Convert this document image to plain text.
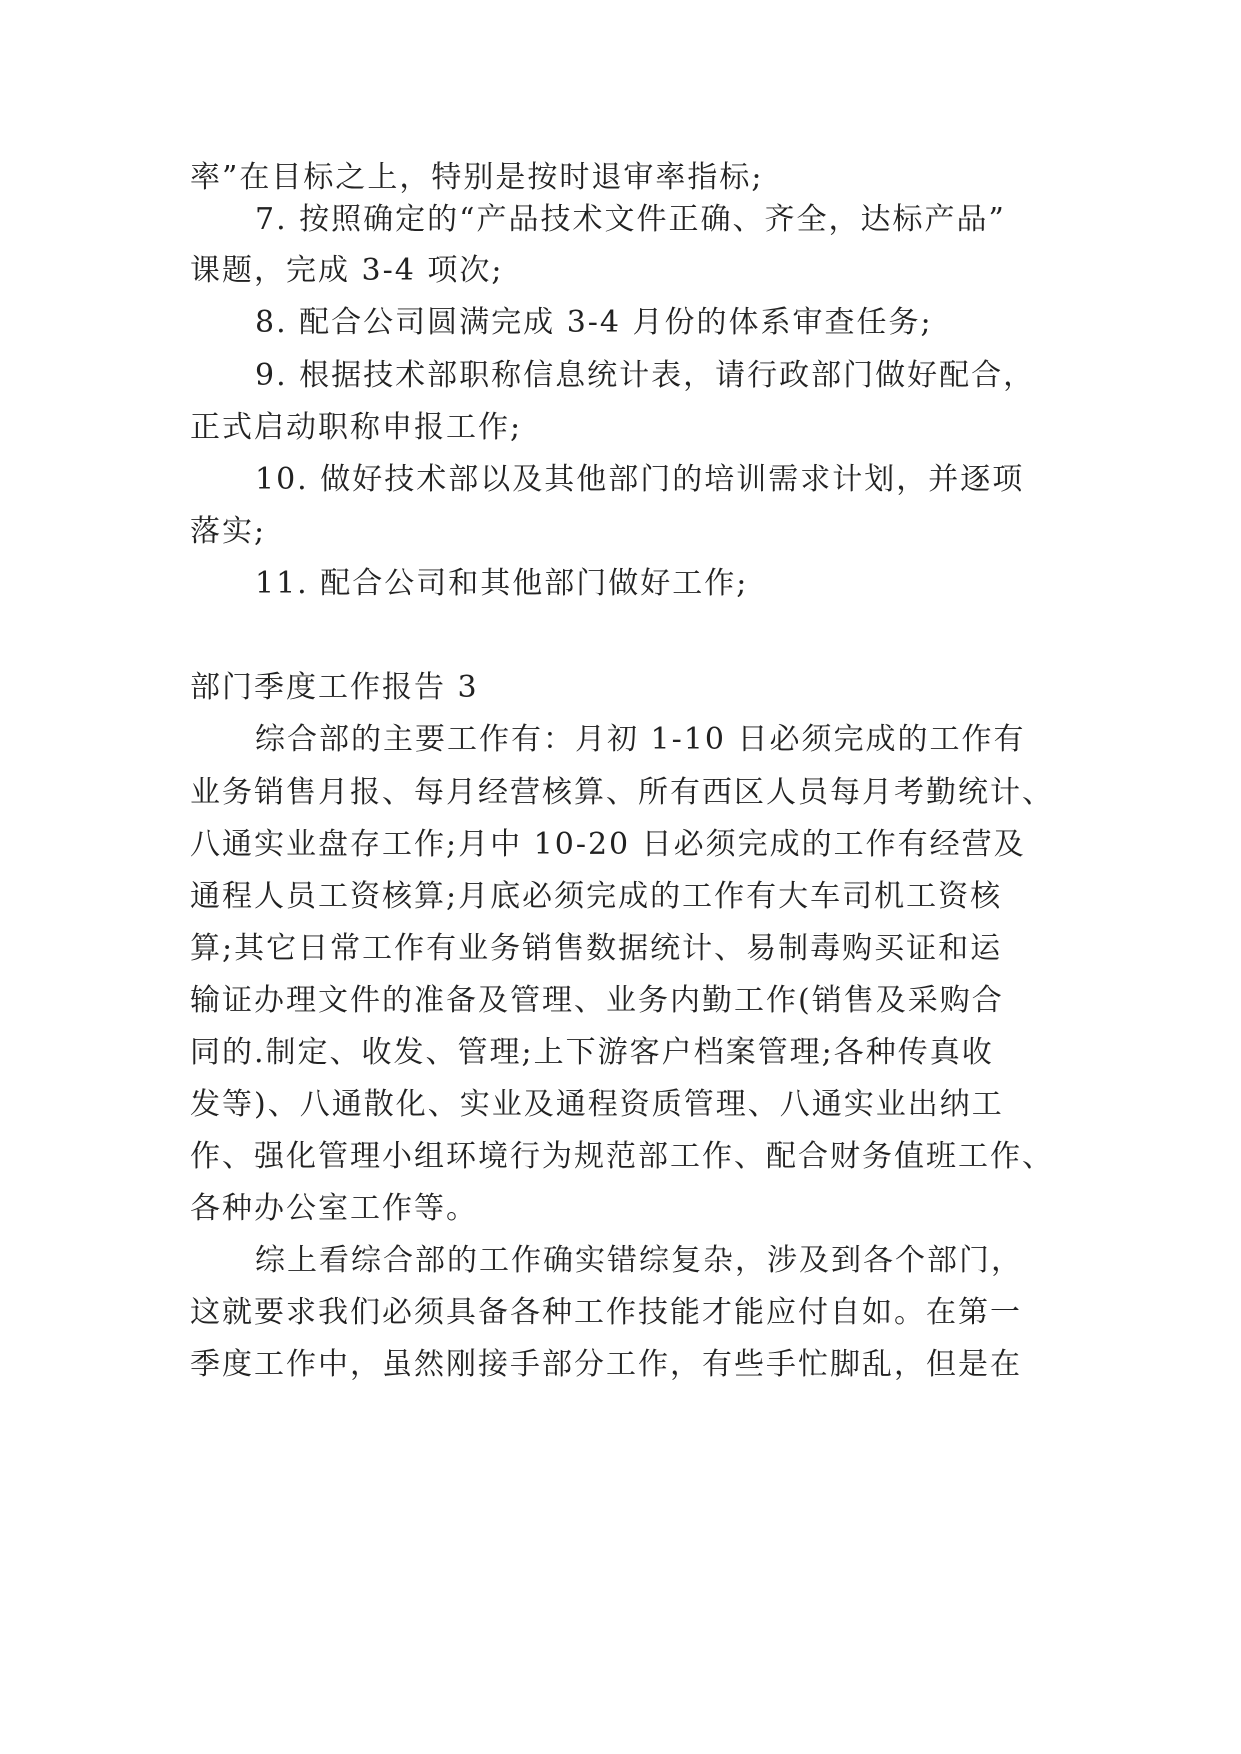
率”在目标之上，特别是按时退审率指标;
7. 按照确定的“产品技术文件正确、齐全，达标产品”
课题，完成 3-4 项次;
8. 配合公司圆满完成 3-4 月份的体系审查任务;
9. 根据技术部职称信息统计表，请行政部门做好配合，
正式启动职称申报工作;
10. 做好技术部以及其他部门的培训需求计划，并逐项
落实;
11. 配合公司和其他部门做好工作;
部门季度工作报告 3
综合部的主要工作有：月初 1-10 日必须完成的工作有
业务销售月报、每月经营核算、所有西区人员每月考勤统计、
八通实业盘存工作;月中 10-20 日必须完成的工作有经营及
通程人员工资核算;月底必须完成的工作有大车司机工资核
算;其它日常工作有业务销售数据统计、易制毒购买证和运
输证办理文件的准备及管理、业务内勤工作(销售及采购合
同的.制定、收发、管理;上下游客户档案管理;各种传真收
发等)、八通散化、实业及通程资质管理、八通实业出纳工
作、强化管理小组环境行为规范部工作、配合财务值班工作、
各种办公室工作等。
综上看综合部的工作确实错综复杂，涉及到各个部门，
这就要求我们必须具备各种工作技能才能应付自如。在第一
季度工作中，虽然刚接手部分工作，有些手忙脚乱，但是在
